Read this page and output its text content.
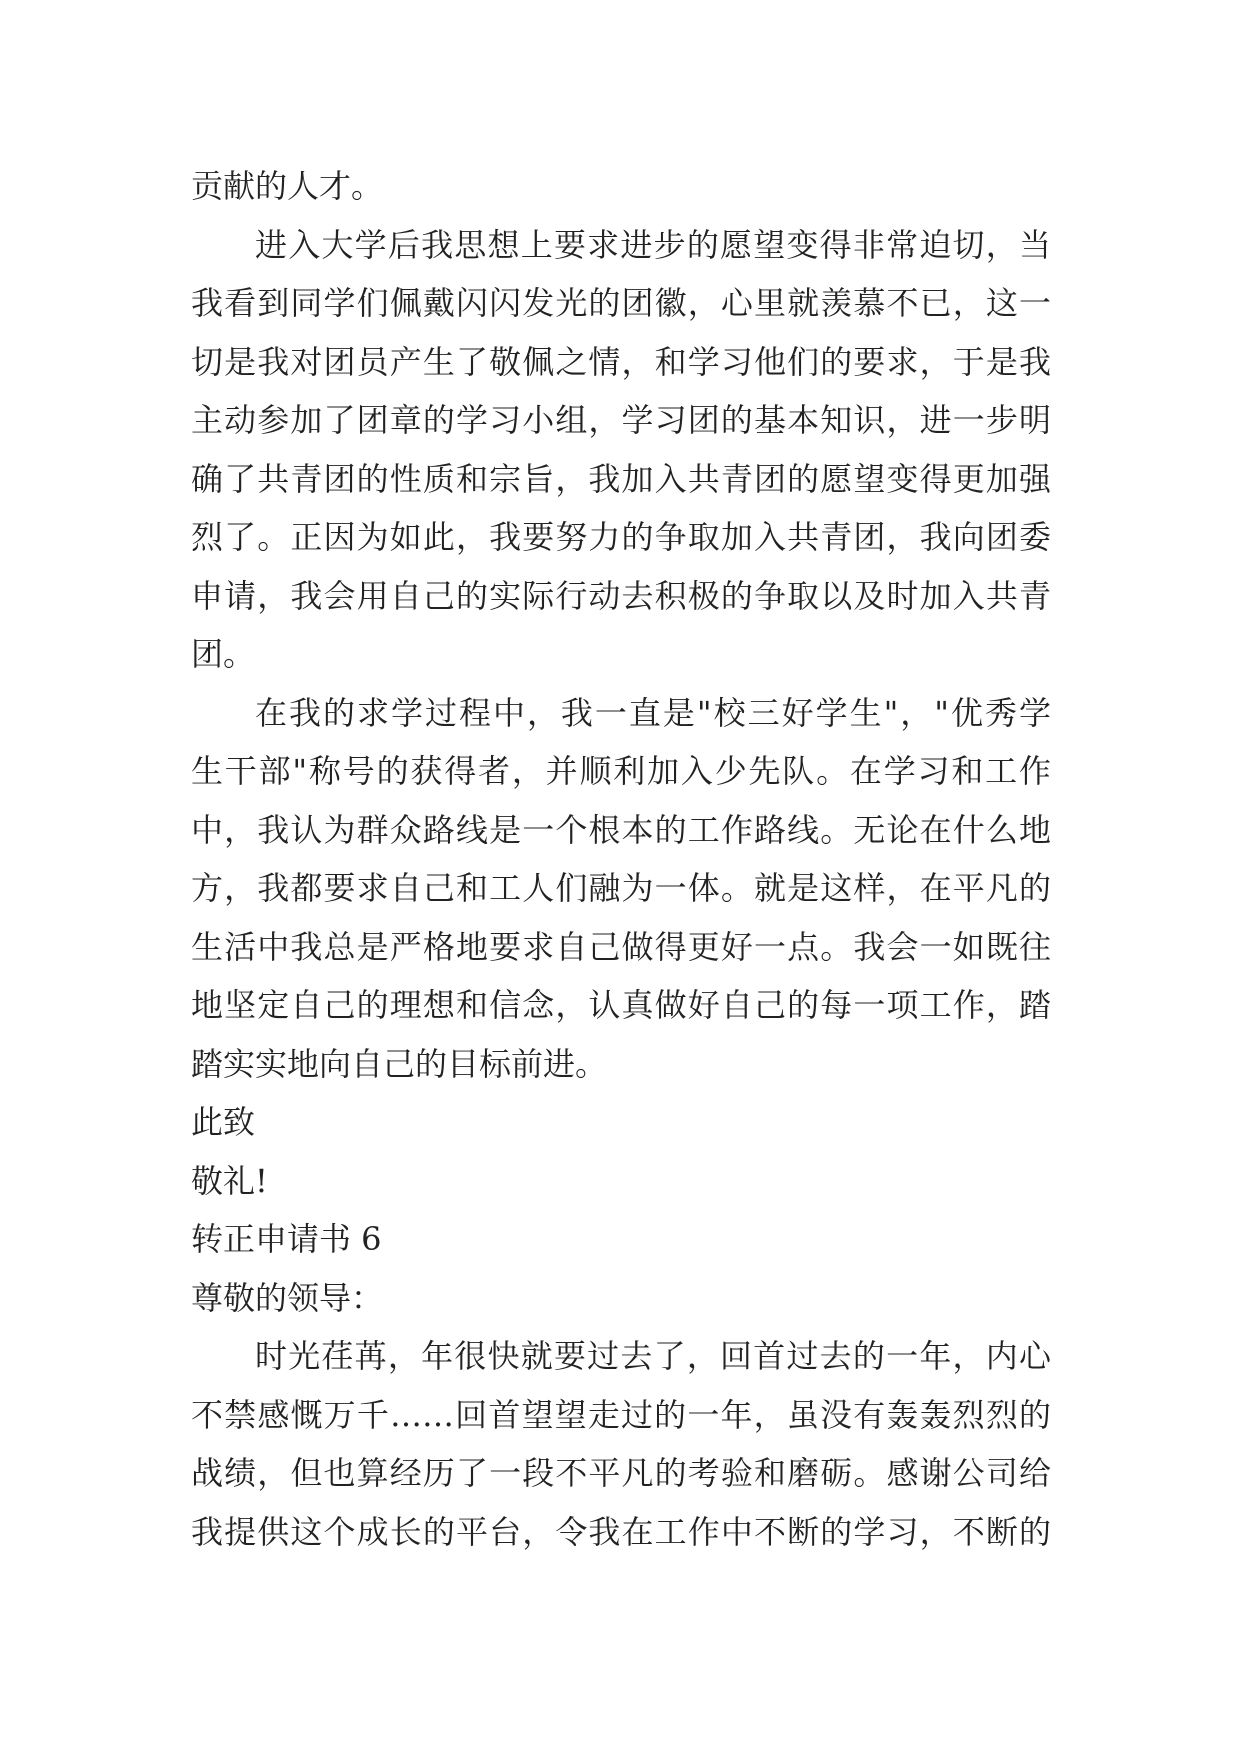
贡献的人才。
进入大学后我思想上要求进步的愿望变得非常迫切，当
我看到同学们佩戴闪闪发光的团徽，心里就羡慕不已，这一
切是我对团员产生了敬佩之情，和学习他们的要求，于是我
主动参加了团章的学习小组，学习团的基本知识，进一步明
确了共青团的性质和宗旨，我加入共青团的愿望变得更加强
烈了。正因为如此，我要努力的争取加入共青团，我向团委
申请，我会用自己的实际行动去积极的争取以及时加入共青
团。
在我的求学过程中，我一直是"校三好学生"，"优秀学
生干部"称号的获得者，并顺利加入少先队。在学习和工作
中，我认为群众路线是一个根本的工作路线。无论在什么地
方，我都要求自己和工人们融为一体。就是这样，在平凡的
生活中我总是严格地要求自己做得更好一点。我会一如既往
地坚定自己的理想和信念，认真做好自己的每一项工作，踏
踏实实地向自己的目标前进。
此致
敬礼!
转正申请书 6
尊敬的领导：
时光荏苒，年很快就要过去了，回首过去的一年，内心
不禁感慨万千……回首望望走过的一年，虽没有轰轰烈烈的
战绩，但也算经历了一段不平凡的考验和磨砺。感谢公司给
我提供这个成长的平台，令我在工作中不断的学习，不断的
